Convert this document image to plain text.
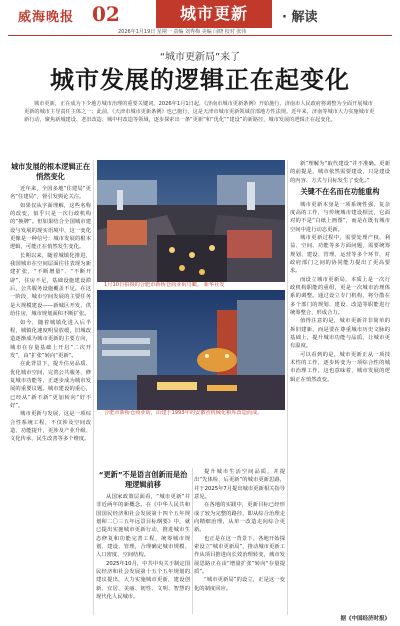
威海晚报 02	城市更新	· 解读
2026年1月19日 星期一 责编 刘秀梅 美编 闫晓 校对 张伟
“城市更新局”来了
城市发展的逻辑正在起变化
城市更新，正在成为下少地方城市治理的重要关键词。2026年1月1日起，《济南市城市更新条例》开始施行，济南市人民政府将调整为全面开展城市更新的城市主导责任主体之一；此前，《天津市城市更新条例》也已施行，这是天津市城市更新领域首部地方性法规。近年来，济南等城市大力实施城市更新行动，聚焦新城建设、老旧改造、城中村改造等领域，逐步探索出一条“更新”和“优化”“建设”的新路径，城市发展的逻辑正在起变化。
城市发展的根本逻辑正在悄然变化

近年来，全国多地“住建局”更名“住建局”，督引发舆论关注。

如果仅从字面理解，这些名称的改变，似乎只是一次行政机构的“换牌”。但如果结合全国城市建设与发展的现实语境中，这一变化更像是一种信号：城市发展的根本逻辑，可能正在悄然发生变化。

长期以来，随着城镇化推进，我国城市在空间层面往往表现为新建扩张，“不断增量”、“不断开辟”，住房不足，基础设施建设滞后，公共服务设施覆盖不足。在这一阶段，城市空间发展的主要任务是大规模建设——新城区开发、供给住房，城市规划面积不断扩张。

如今，随着城镇化进入后半程，城镇化速度明显放缓，旧城改造逐渐成为城市更新的主要方向，城市在存量基础上开启“二次开发”，由“扩张”转向“更新”。

在此背景下，提升住房品质、优化城市空间、完善公共服务、修复城市功能等，正逐步成为城市发展的重要议题。城市建设的重心，已经从“新不新”更加转向“好不好”。

城市更新与发展，这是一项综合性系统工程，不仅涉及空间改造、功能提升，更涉及产业升级、文化传承、民生改善等多个维度。

1月10日拍摄的合肥市新桥仓商业街鸟瞰。 新华社发
合肥市新桥仓商业街，由建于1993年的安徽省机械化粮库改造而成。
“更新”不是语言创新而是治理逻辑前移

从国家政策层面看，“城市更新”并非近两年的新概念。在《中华人民共和国国民经济和社会发展第十四个五年规划和二〇三五年远景目标纲要》中，就已提出实施城市更新行动，推进城市生态修复和功能完善工程，统筹城市规划、建设、管理，合理确定城市规模、人口密度、空间结构。

2025年10月，中共中央关于制定国民经济和社会发展第十五个五年规划的建议提出，大力实施城市更新，建设创新、宜居、美丽、韧性、文明、智慧的现代化人民城市。

提升城市生活空间品质，并提出“先体检、后更新”的城市更新思路，并于2025年7月提出城市更新相关指导意见。

在各地的实践中，更新目标已经形成了较为完整的路径，即从综合治理走向精细治理，从单一改造走向综合更新。

也正是在这一背景下，各地开始探索设立“城市更新局”，推动城市更新工作从项目推进向长效治理转变，城市发展思路正在由“增量扩张”转向“存量提质”。

“城市更新局”的设立，正是这一变化的制度回应。

新”理解为“取代建设”并不准确。更新的前提是，城市依然需要建设，只是建设的内容、方式与目标发生了变化。”

关键不在名而在功能重构

城市更新本身是一项系统性强、复杂度高的工作，与传统城市建设相比，它面对的不是“白纸上画图”，而是在既有城市空间中进行动态更新。

城市更新过程中，需要处理产权、利益、空间、功能等多方面问题，需要统筹规划、建设、管理、运营等多个环节，对政府部门之间的协同能力提出了更高要求。

而设立城市更新局，本质上是一次行政机构职能的重组，更是一次城市治理体系的调整。通过设立专门机构，将分散在多个部门的规划、建设、改造等职能进行统筹整合，形成合力。

值得注意的是，城市更新并非简单的拆旧建新，而是要在尊重城市历史文脉的基础上，提升城市功能与品质，让城市更有温度。

可以看到的是，城市更新正从一项技术性的工作，逐步转变为一项综合性的城市治理工作，这也意味着，城市发展的逻辑正在悄然改变。

据《中国经济时报》
